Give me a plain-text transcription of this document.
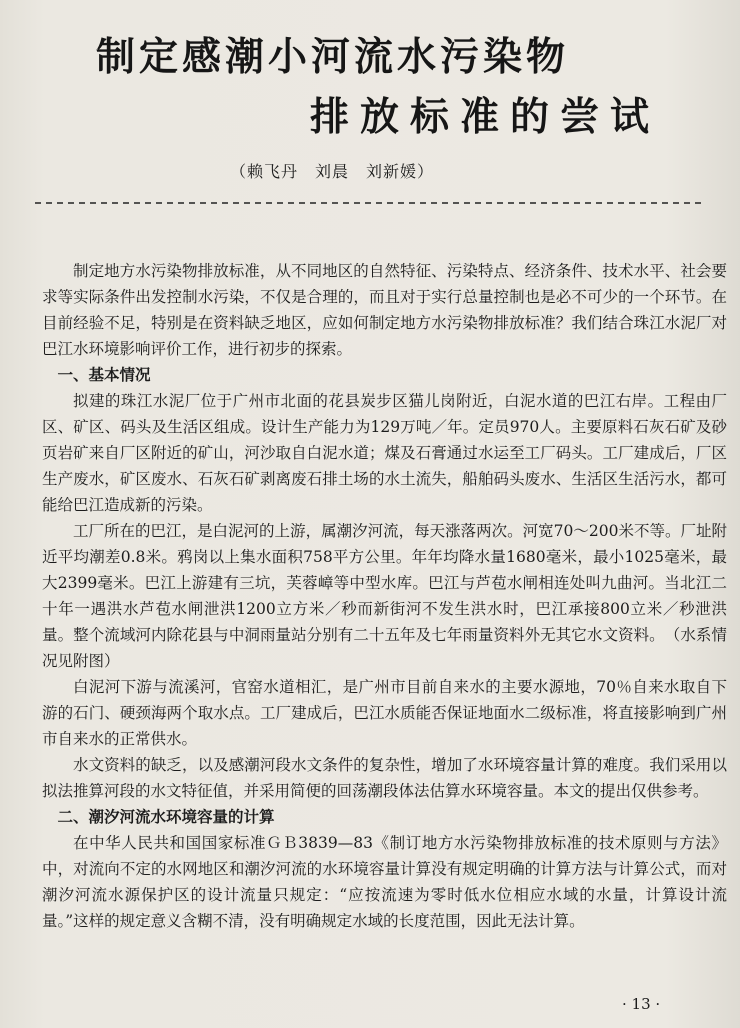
制定感潮小河流水污染物
排放标准的尝试
（赖飞丹　刘晨　刘新媛）

制定地方水污染物排放标准，从不同地区的自然特征、污染特点、经济条件、技术水平、社会要求等实际条件出发控制水污染，不仅是合理的，而且对于实行总量控制也是必不可少的一个环节。在目前经验不足，特别是在资料缺乏地区，应如何制定地方水污染物排放标准？我们结合珠江水泥厂对巴江水环境影响评价工作，进行初步的探索。

一、基本情况

拟建的珠江水泥厂位于广州市北面的花县炭步区猫儿岗附近，白泥水道的巴江右岸。工程由厂区、矿区、码头及生活区组成。设计生产能力为129万吨／年。定员970人。主要原料石灰石矿及砂页岩矿来自厂区附近的矿山，河沙取自白泥水道；煤及石膏通过水运至工厂码头。工厂建成后，厂区生产废水，矿区废水、石灰石矿剥离废石排土场的水土流失，船舶码头废水、生活区生活污水，都可能给巴江造成新的污染。

工厂所在的巴江，是白泥河的上游，属潮汐河流，每天涨落两次。河宽70～200米不等。厂址附近平均潮差0.8米。鸦岗以上集水面积758平方公里。年年均降水量1680毫米，最小1025毫米，最大2399毫米。巴江上游建有三坑，芙蓉嶂等中型水库。巴江与芦苞水闸相连处叫九曲河。当北江二十年一遇洪水芦苞水闸泄洪1200立方米／秒而新街河不发生洪水时，巴江承接800立米／秒泄洪量。整个流域河内除花县与中洞雨量站分别有二十五年及七年雨量资料外无其它水文资料。　（水系情况见附图）

白泥河下游与流溪河，官窑水道相汇，是广州市目前自来水的主要水源地，70％自来水取自下游的石门、硬颈海两个取水点。工厂建成后，巴江水质能否保证地面水二级标准，将直接影响到广州市自来水的正常供水。

水文资料的缺乏，以及感潮河段水文条件的复杂性，增加了水环境容量计算的难度。我们采用以拟法推算河段的水文特征值，并采用简便的回荡潮段体法估算水环境容量。本文的提出仅供参考。

二、潮汐河流水环境容量的计算

在中华人民共和国国家标准ＧＢ3839—83《制订地方水污染物排放标准的技术原则与方法》中，对流向不定的水网地区和潮汐河流的水环境容量计算没有规定明确的计算方法与计算公式，而对潮汐河流水源保护区的设计流量只规定：“应按流速为零时低水位相应水域的水量，计算设计流量。”这样的规定意义含糊不清，没有明确规定水域的长度范围，因此无法计算。

· 13 ·
